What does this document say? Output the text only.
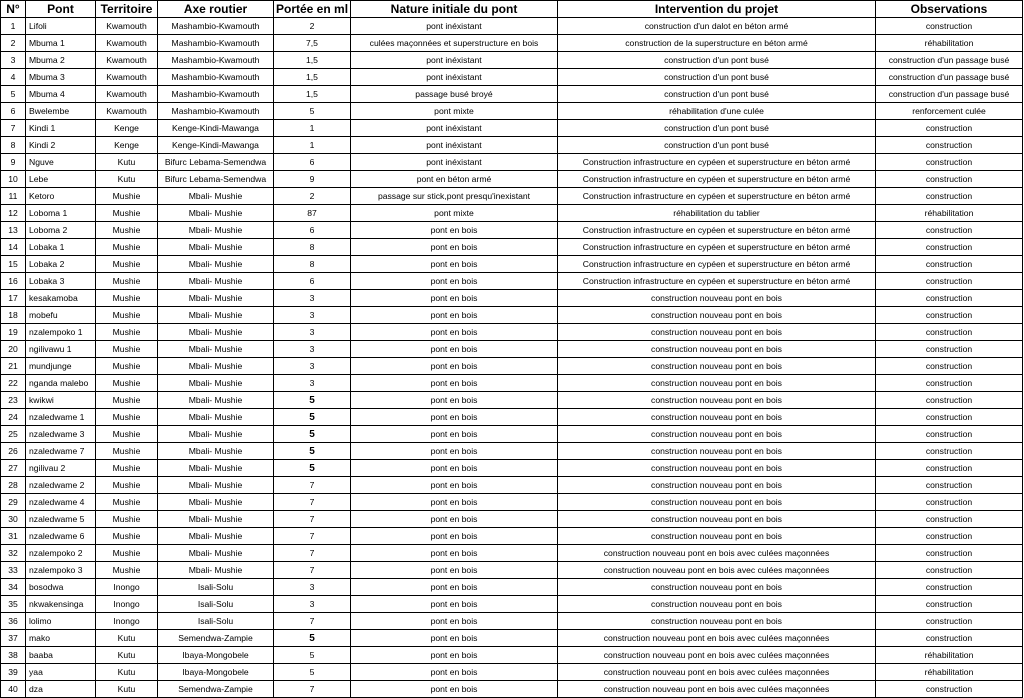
N°	Pont	Territoire	Axe routier	Portée en ml	Nature initiale du pont	Intervention du projet	Observations
1	Lifoli	Kwamouth	Mashambio-Kwamouth	2	pont inéxistant	construction d'un dalot en béton armé	construction
2	Mbuma 1	Kwamouth	Mashambio-Kwamouth	7,5	culées maçonnées et superstructure en bois	construction de la superstructure en béton armé	réhabilitation
3	Mbuma 2	Kwamouth	Mashambio-Kwamouth	1,5	pont inéxistant	construction d'un pont busé	construction d'un passage busé
4	Mbuma 3	Kwamouth	Mashambio-Kwamouth	1,5	pont inéxistant	construction d'un pont busé	construction d'un passage busé
5	Mbuma 4	Kwamouth	Mashambio-Kwamouth	1,5	passage busé broyé	construction d'un pont busé	construction d'un passage busé
6	Bwelembe	Kwamouth	Mashambio-Kwamouth	5	pont mixte	réhabilitation d'une culée	renforcement culée
7	Kindi 1	Kenge	Kenge-Kindi-Mawanga	1	pont inéxistant	construction d'un pont busé	construction
8	Kindi 2	Kenge	Kenge-Kindi-Mawanga	1	pont inéxistant	construction d'un pont busé	construction
9	Nguve	Kutu	Bifurc Lebama-Semendwa	6	pont inéxistant	Construction infrastructure en cypéen et superstructure en béton armé	construction
10	Lebe	Kutu	Bifurc Lebama-Semendwa	9	pont en béton armé	Construction infrastructure en cypéen et superstructure en béton armé	construction
11	Ketoro	Mushie	Mbali- Mushie	2	passage sur stick,pont presqu'inexistant	Construction infrastructure en cypéen et superstructure en béton armé	construction
12	Loboma 1	Mushie	Mbali- Mushie	87	pont mixte	réhabilitation du tablier	réhabilitation
13	Loboma 2	Mushie	Mbali- Mushie	6	pont en bois	Construction infrastructure en cypéen et superstructure en béton armé	construction
14	Lobaka 1	Mushie	Mbali- Mushie	8	pont en bois	Construction infrastructure en cypéen et superstructure en béton armé	construction
15	Lobaka 2	Mushie	Mbali- Mushie	8	pont en bois	Construction infrastructure en cypéen et superstructure en béton armé	construction
16	Lobaka 3	Mushie	Mbali- Mushie	6	pont en bois	Construction infrastructure en cypéen et superstructure en béton armé	construction
17	kesakamoba	Mushie	Mbali- Mushie	3	pont en bois	construction nouveau pont en bois	construction
18	mobefu	Mushie	Mbali- Mushie	3	pont en bois	construction nouveau pont en bois	construction
19	nzalempoko 1	Mushie	Mbali- Mushie	3	pont en bois	construction nouveau pont en bois	construction
20	ngilivawu 1	Mushie	Mbali- Mushie	3	pont en bois	construction nouveau pont en bois	construction
21	mundjunge	Mushie	Mbali- Mushie	3	pont en bois	construction nouveau pont en bois	construction
22	nganda malebo	Mushie	Mbali- Mushie	3	pont en bois	construction nouveau pont en bois	construction
23	kwikwi	Mushie	Mbali- Mushie	5	pont en bois	construction nouveau pont en bois	construction
24	nzaledwame 1	Mushie	Mbali- Mushie	5	pont en bois	construction nouveau pont en bois	construction
25	nzaledwame 3	Mushie	Mbali- Mushie	5	pont en bois	construction nouveau pont en bois	construction
26	nzaledwame 7	Mushie	Mbali- Mushie	5	pont en bois	construction nouveau pont en bois	construction
27	ngilivau 2	Mushie	Mbali- Mushie	5	pont en bois	construction nouveau pont en bois	construction
28	nzaledwame 2	Mushie	Mbali- Mushie	7	pont en bois	construction nouveau pont en bois	construction
29	nzaledwame 4	Mushie	Mbali- Mushie	7	pont en bois	construction nouveau pont en bois	construction
30	nzaledwame 5	Mushie	Mbali- Mushie	7	pont en bois	construction nouveau pont en bois	construction
31	nzaledwame 6	Mushie	Mbali- Mushie	7	pont en bois	construction nouveau pont en bois	construction
32	nzalempoko 2	Mushie	Mbali- Mushie	7	pont en bois	construction nouveau pont en bois avec culées maçonnées	construction
33	nzalempoko 3	Mushie	Mbali- Mushie	7	pont en bois	construction nouveau pont en bois avec culées maçonnées	construction
34	bosodwa	Inongo	Isali-Solu	3	pont en bois	construction nouveau pont en bois	construction
35	nkwakensinga	Inongo	Isali-Solu	3	pont en bois	construction nouveau pont en bois	construction
36	lolimo	Inongo	Isali-Solu	7	pont en bois	construction nouveau pont en bois	construction
37	mako	Kutu	Semendwa-Zampie	5	pont en bois	construction nouveau pont en bois avec culées maçonnées	construction
38	baaba	Kutu	Ibaya-Mongobele	5	pont en bois	construction nouveau pont en bois avec culées maçonnées	réhabilitation
39	yaa	Kutu	Ibaya-Mongobele	5	pont en bois	construction nouveau pont en bois avec culées maçonnées	réhabilitation
40	dza	Kutu	Semendwa-Zampie	7	pont en bois	construction nouveau pont en bois avec culées maçonnées	construction
